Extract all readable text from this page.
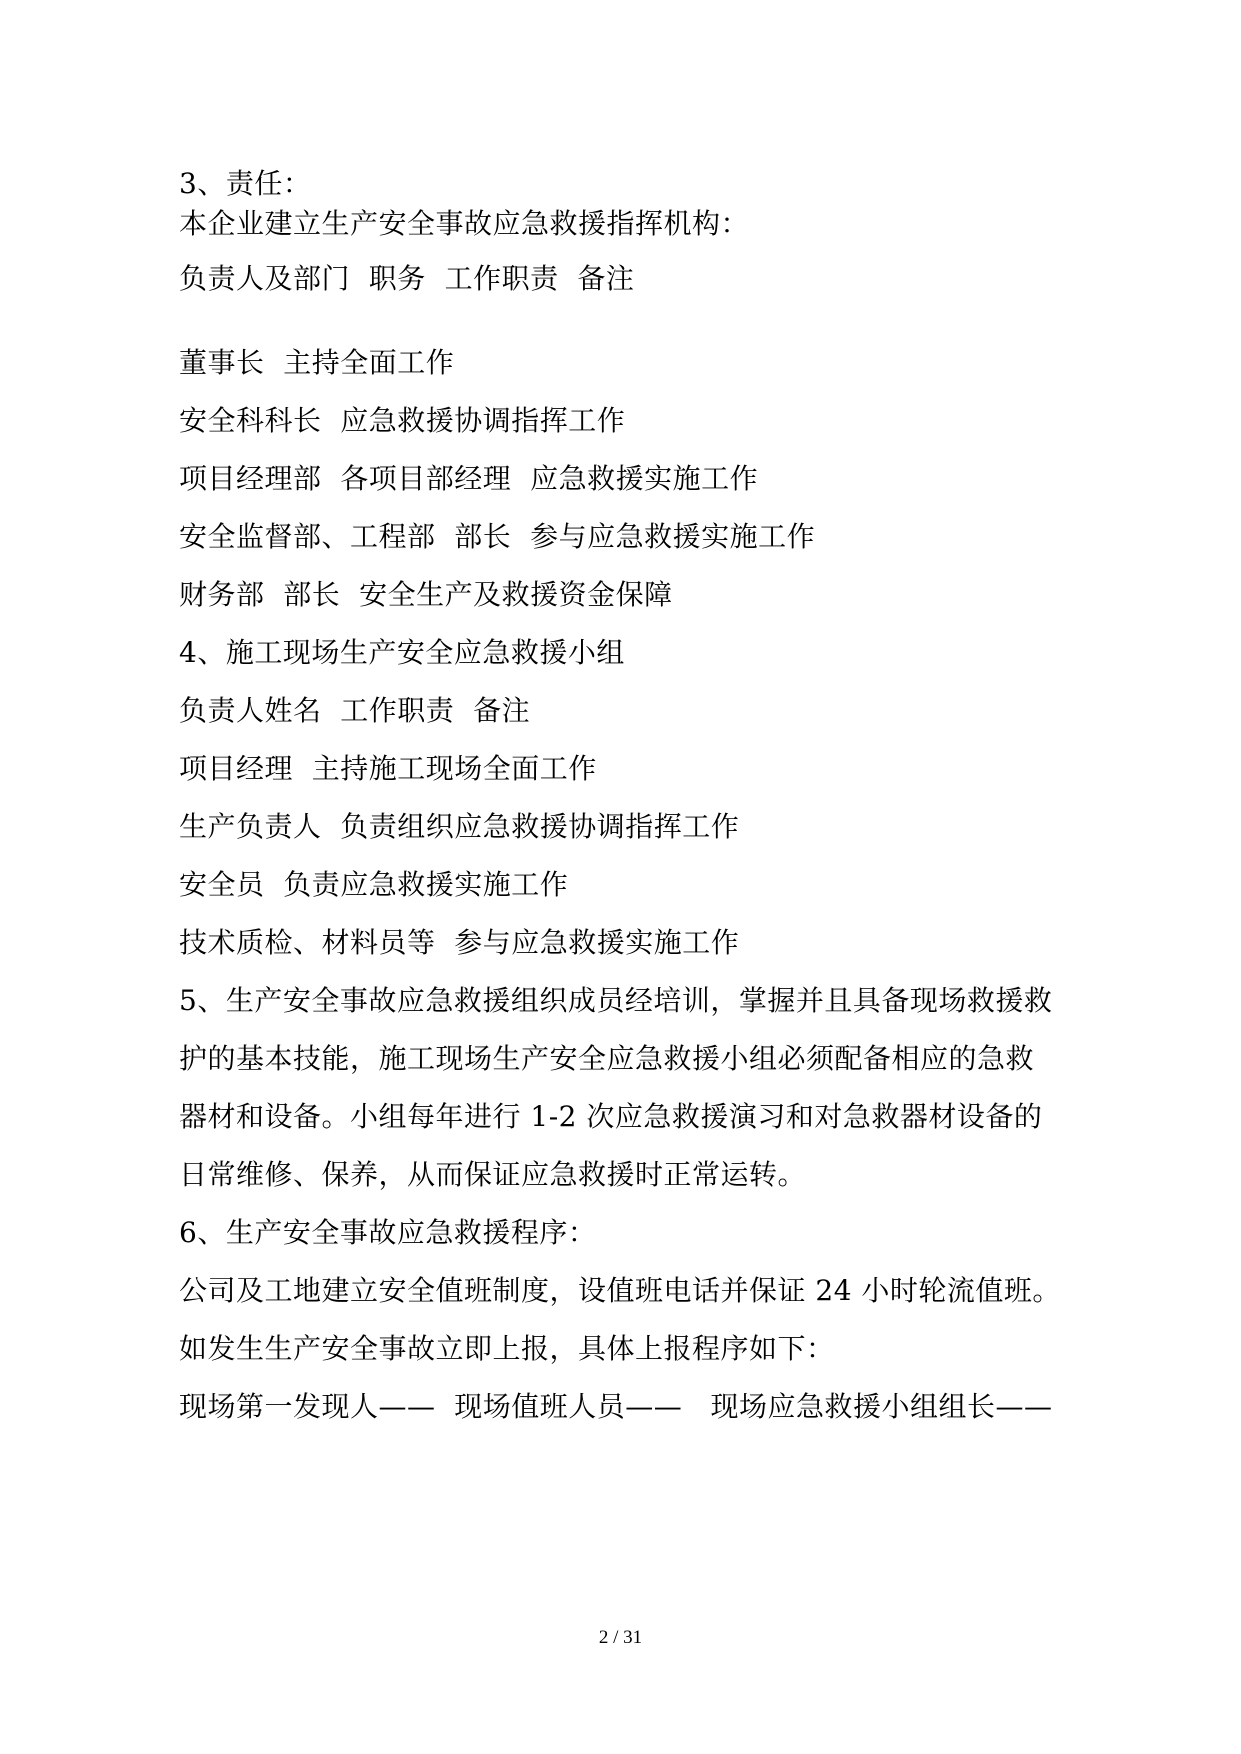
3、责任：
本企业建立生产安全事故应急救援指挥机构：
负责人及部门  职务  工作职责  备注
董事长  主持全面工作
安全科科长  应急救援协调指挥工作
项目经理部  各项目部经理  应急救援实施工作
安全监督部、工程部  部长  参与应急救援实施工作
财务部  部长  安全生产及救援资金保障
4、施工现场生产安全应急救援小组
负责人姓名  工作职责  备注
项目经理  主持施工现场全面工作
生产负责人  负责组织应急救援协调指挥工作
安全员  负责应急救援实施工作
技术质检、材料员等  参与应急救援实施工作
5、生产安全事故应急救援组织成员经培训，掌握并且具备现场救援救
护的基本技能，施工现场生产安全应急救援小组必须配备相应的急救
器材和设备。小组每年进行 1-2 次应急救援演习和对急救器材设备的
日常维修、保养，从而保证应急救援时正常运转。
6、生产安全事故应急救援程序：
公司及工地建立安全值班制度，设值班电话并保证 24 小时轮流值班。
如发生生产安全事故立即上报，具体上报程序如下：
现场第一发现人——  现场值班人员——   现场应急救援小组组长——
2 / 31
